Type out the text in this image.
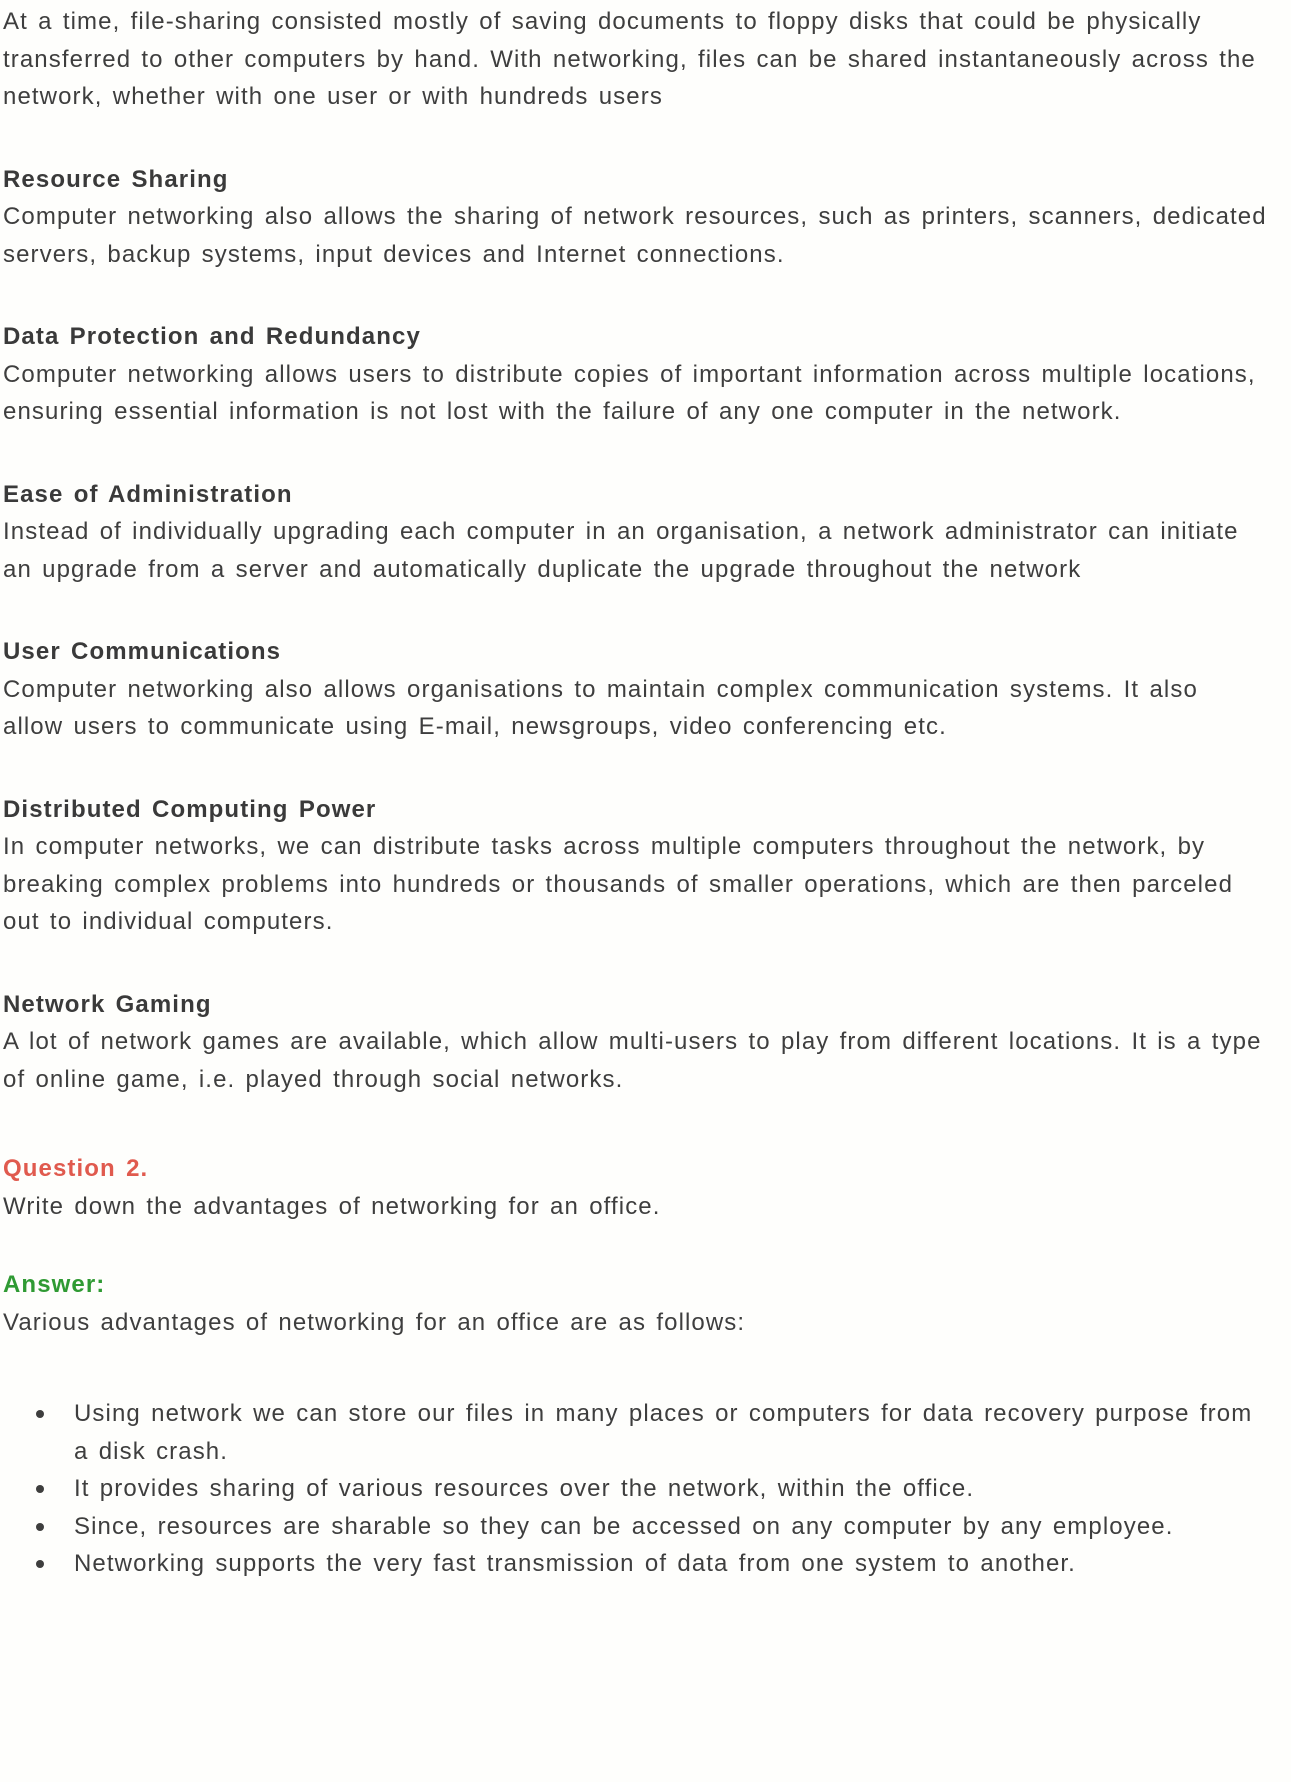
At a time, file-sharing consisted mostly of saving documents to floppy disks that could be physically transferred to other computers by hand. With networking, files can be shared instantaneously across the network, whether with one user or with hundreds users

Resource Sharing
Computer networking also allows the sharing of network resources, such as printers, scanners, dedicated servers, backup systems, input devices and Internet connections.
Data Protection and Redundancy
Computer networking allows users to distribute copies of important information across multiple locations, ensuring essential information is not lost with the failure of any one computer in the network.
Ease of Administration
Instead of individually upgrading each computer in an organisation, a network administrator can initiate an upgrade from a server and automatically duplicate the upgrade throughout the network
User Communications
Computer networking also allows organisations to maintain complex communication systems. It also allow users to communicate using E-mail, newsgroups, video conferencing etc.
Distributed Computing Power
In computer networks, we can distribute tasks across multiple computers throughout the network, by breaking complex problems into hundreds or thousands of smaller operations, which are then parceled out to individual computers.
Network Gaming
A lot of network games are available, which allow multi-users to play from different locations. It is a type of online game, i.e. played through social networks.
Question 2.
Write down the advantages of networking for an office.
Answer:
Various advantages of networking for an office are as follows:
Using network we can store our files in many places or computers for data recovery purpose from a disk crash.
It provides sharing of various resources over the network, within the office.
Since, resources are sharable so they can be accessed on any computer by any employee.
Networking supports the very fast transmission of data from one system to another.
